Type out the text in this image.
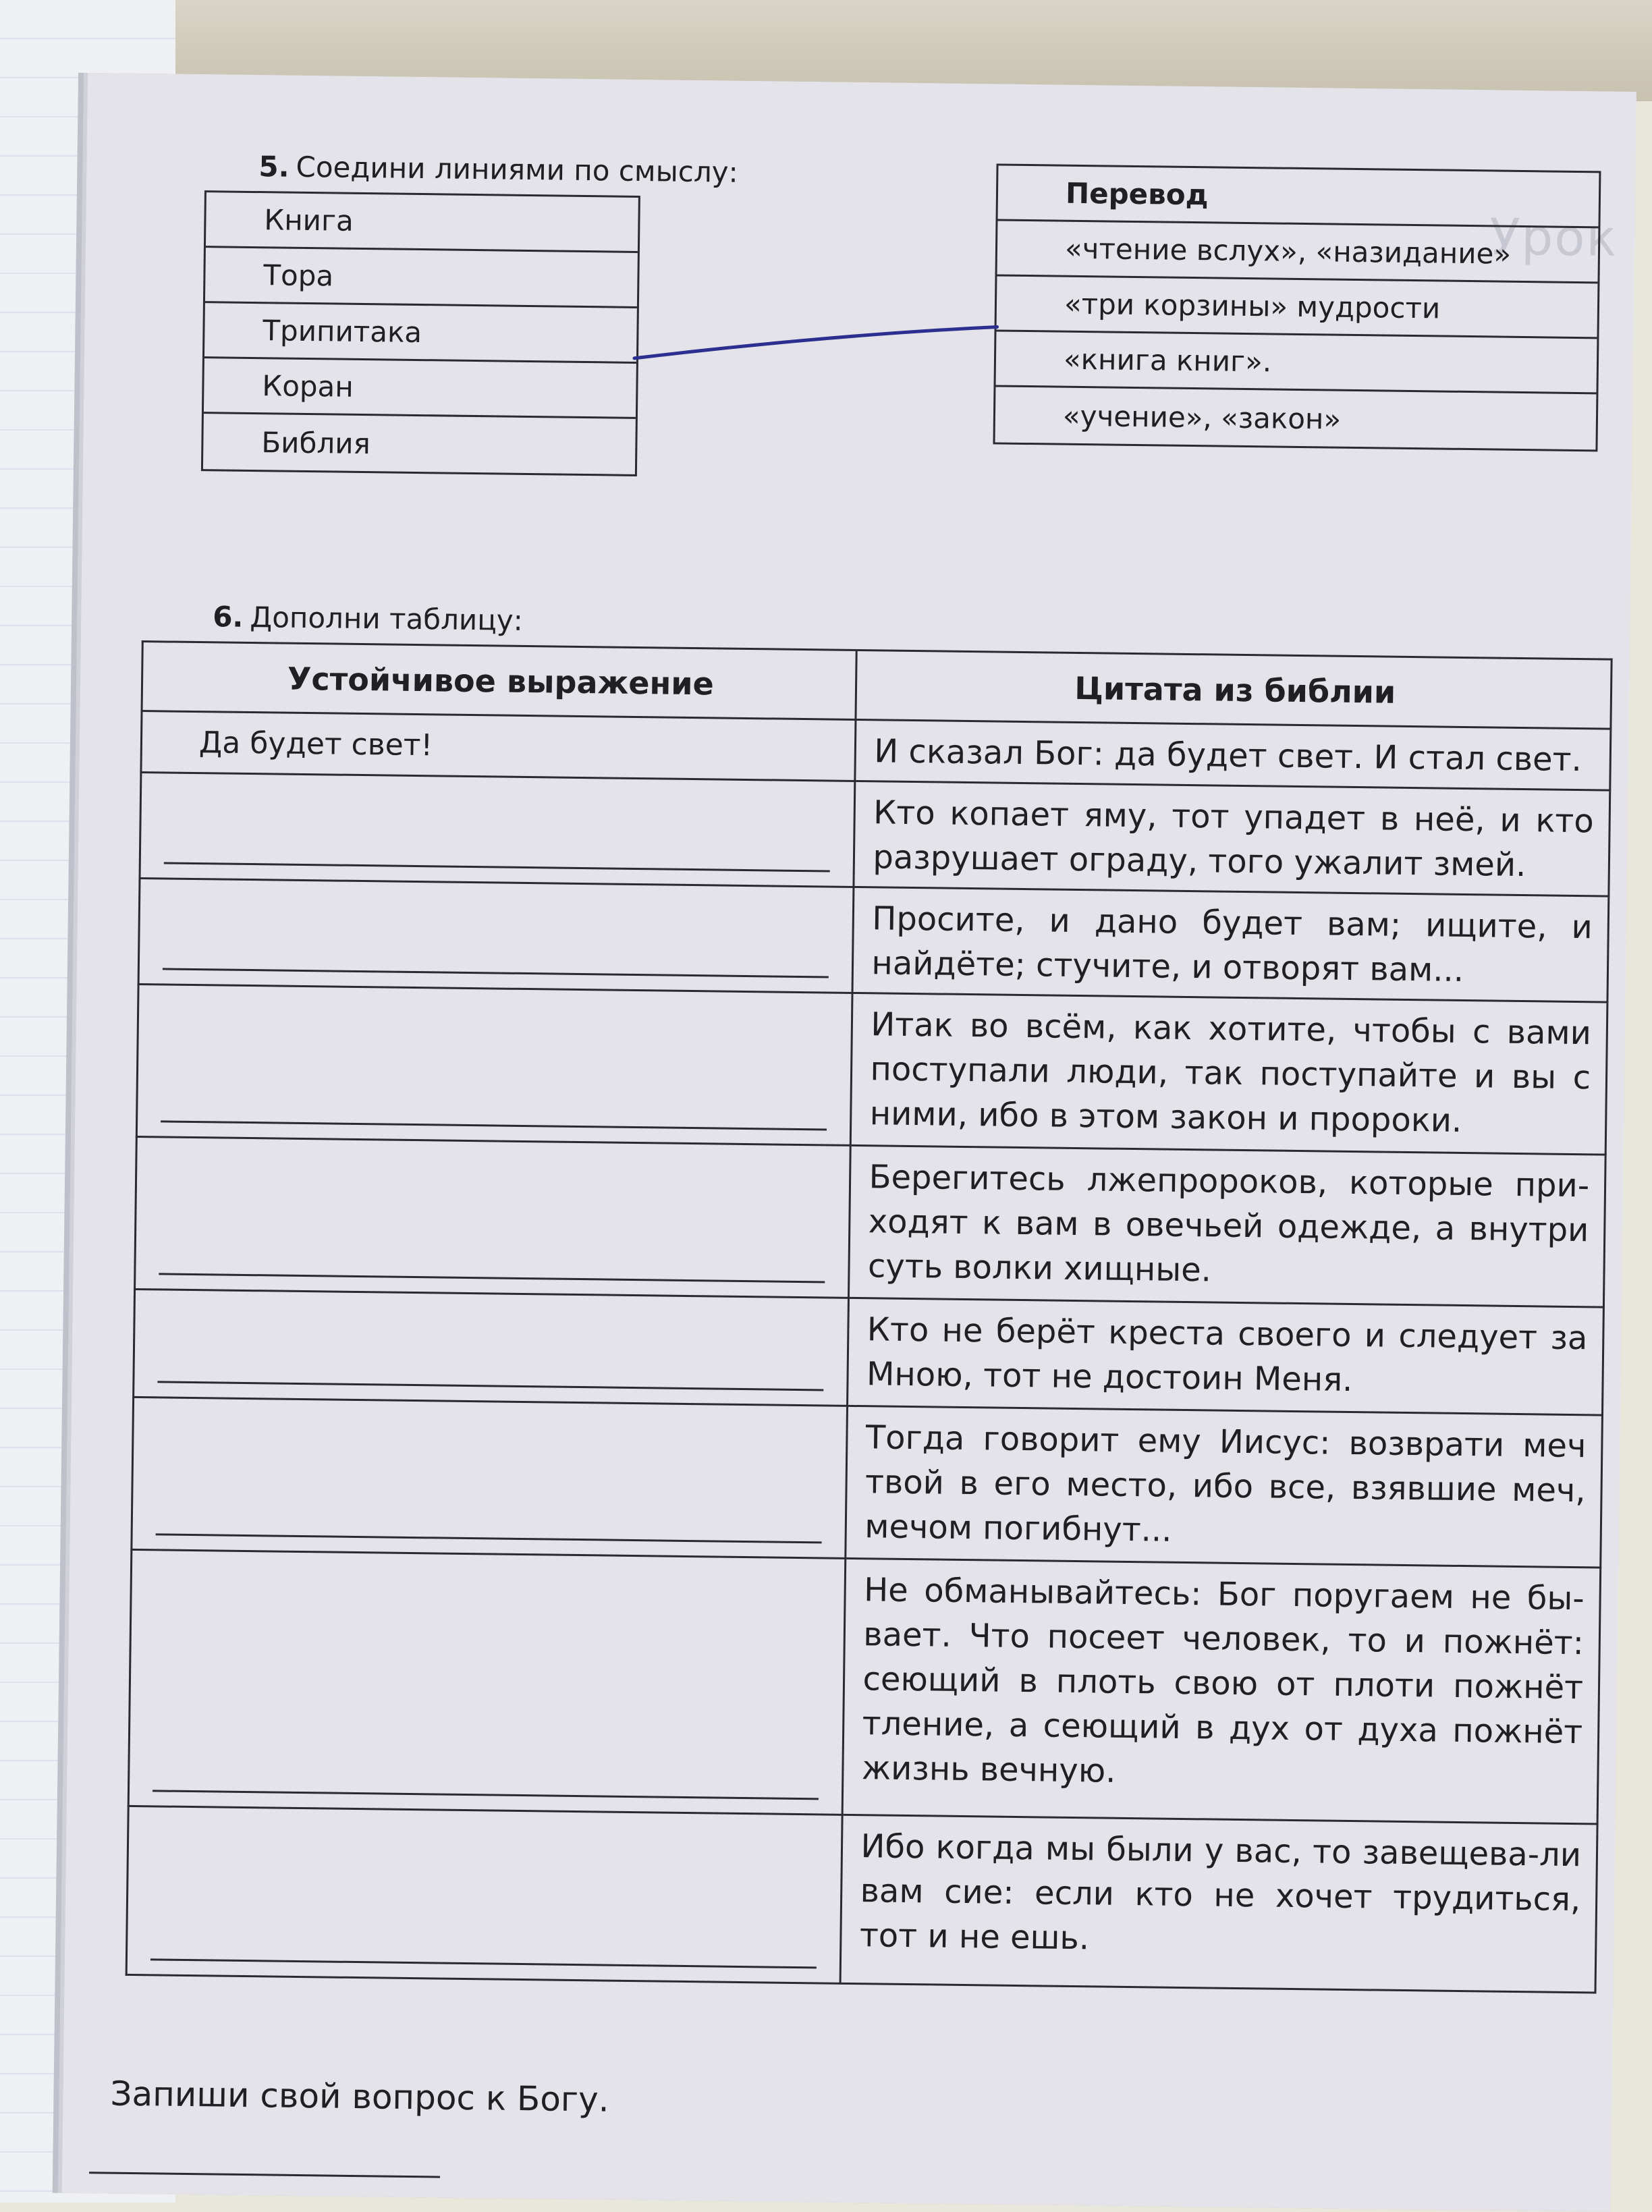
Урок
5. Соедини линиями по смыслу:
Книга
Тора
Трипитака
Коран
Библия
Перевод
«чтение вслух», «назидание»
«три корзины» мудрости
«книга книг».
«учение», «закон»
6. Дополни таблицу:
Устойчивое выражение	Цитата из библии
Да будет свет!	И сказал Бог: да будет свет. И стал свет.

	Кто копает яму, тот упадет в неё, и кто разрушает ограду, того ужалит змей.

	Просите, и дано будет вам; ищите, и найдёте; стучите, и отворят вам...

	Итак во всём, как хотите, чтобы с вами поступали люди, так поступайте и вы с ними, ибо в этом закон и пророки.

	Берегитесь лжепророков, которые при-ходят к вам в овечьей одежде, а внутри суть волки хищные.

	Кто не берёт креста своего и следует за Мною, тот не достоин Меня.

	Тогда говорит ему Иисус: возврати меч твой в его место, ибо все, взявшие меч, мечом погибнут...

	Не обманывайтесь: Бог поругаем не бы-вает. Что посеет человек, то и пожнёт: сеющий в плоть свою от плоти пожнёт тление, а сеющий в дух от духа пожнёт жизнь вечную.

	Ибо когда мы были у вас, то завещева-ли вам сие: если кто не хочет трудиться, тот и не ешь.
Запиши свой вопрос к Богу.
